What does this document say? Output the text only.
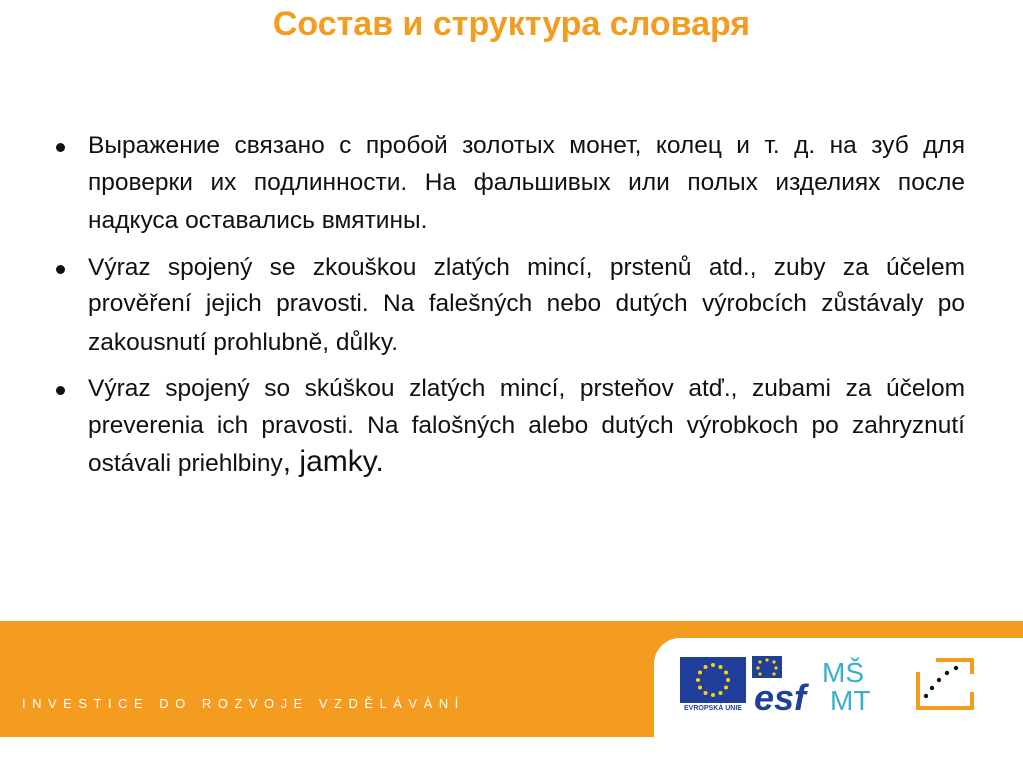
Состав и структура словаря
Выражение связано с пробой золотых монет, колец и т. д. на зуб для проверки их подлинности. На фальшивых или полых изделиях после надкуса оставались вмятины.
Výraz spojený se zkouškou zlatých mincí, prstenů atd., zuby za účelem prověření jejich pravosti. Na falešných nebo dutých výrobcích zůstávaly po zakousnutí prohlubně, důlky.
Výraz spojený so skúškou zlatých mincí, prsteňov atď., zubami za účelom preverenia ich pravosti. Na falošných alebo dutých výrobkoch po zahryznutí ostávali priehlbiny, jamky.
INVESTICE DO ROZVOJE VZDĚLÁVÁNÍ	EVROPSKÁ UNIE esf
MŠ
MT
